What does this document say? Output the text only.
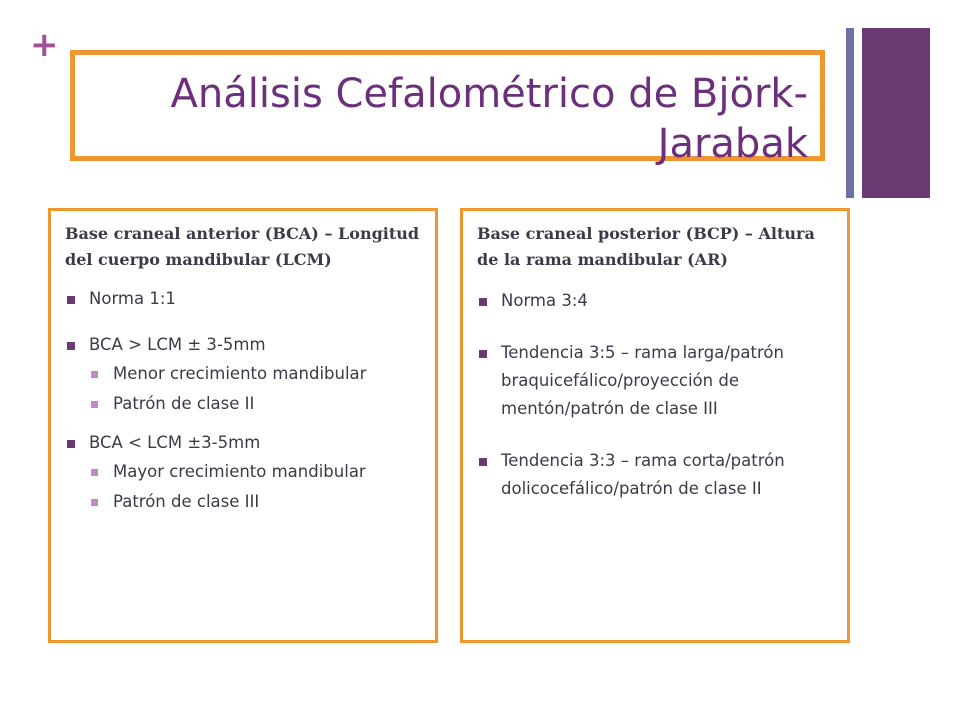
+
Análisis Cefalométrico de Björk-Jarabak
Base craneal anterior (BCA) – Longitud del cuerpo mandibular (LCM)
Norma 1:1
BCA > LCM ± 3-5mm
Menor crecimiento mandibular
Patrón de clase II
BCA < LCM ±3-5mm
Mayor crecimiento mandibular
Patrón de clase III
Base craneal posterior (BCP) – Altura de la rama mandibular (AR)
Norma 3:4
Tendencia 3:5 – rama larga/patrón braquicefálico/proyección de mentón/patrón de clase III
Tendencia 3:3 – rama corta/patrón dolicocefálico/patrón de clase II
